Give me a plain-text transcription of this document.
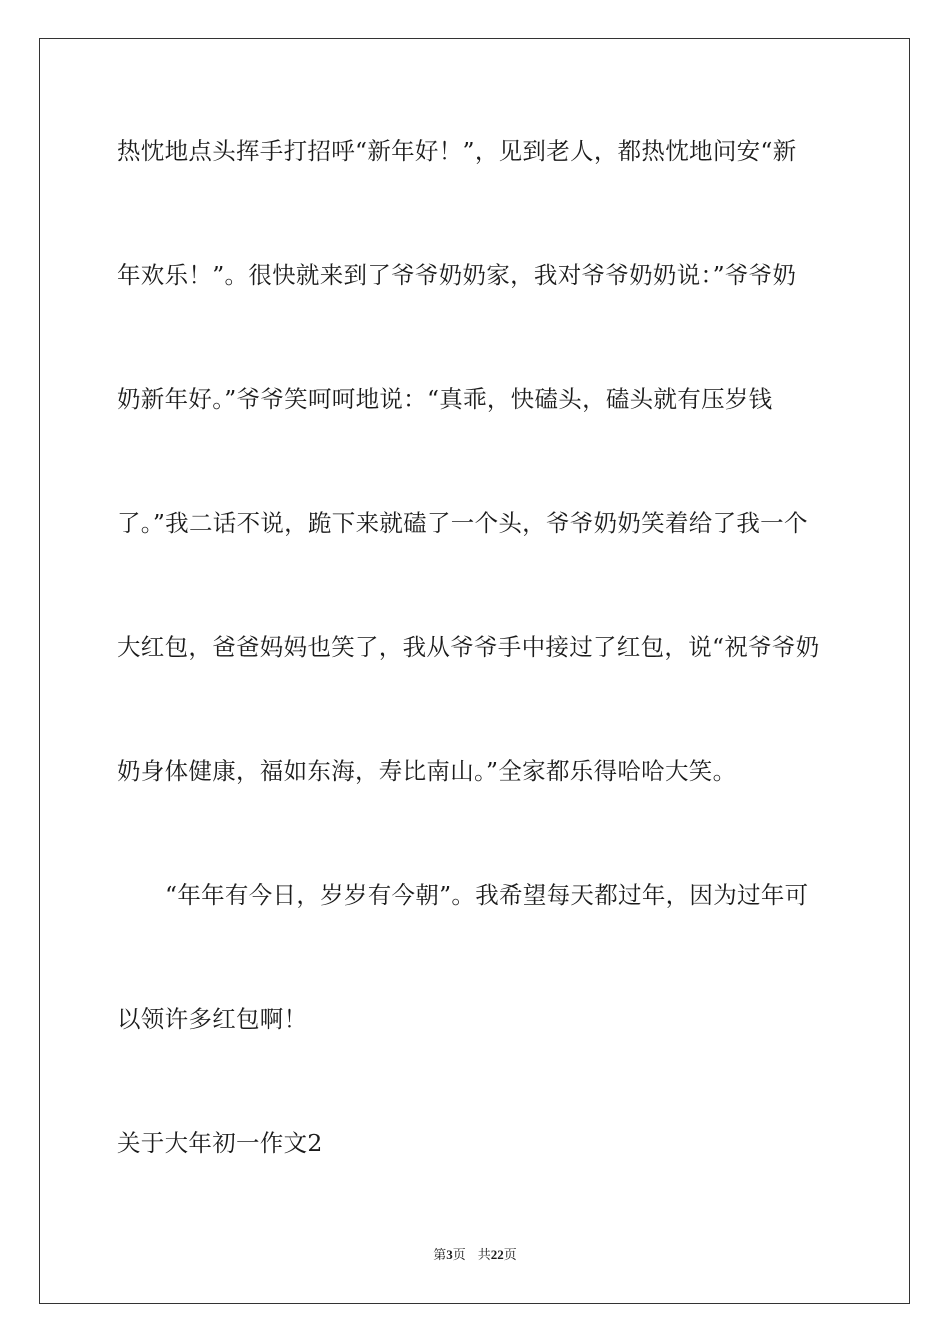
热忱地点头挥手打招呼“新年好！”，见到老人，都热忱地问安“新
年欢乐！”。很快就来到了爷爷奶奶家，我对爷爷奶奶说：”爷爷奶
奶新年好。”爷爷笑呵呵地说：“真乖，快磕头，磕头就有压岁钱
了。”我二话不说，跪下来就磕了一个头，爷爷奶奶笑着给了我一个
大红包，爸爸妈妈也笑了，我从爷爷手中接过了红包，说“祝爷爷奶
奶身体健康，福如东海，寿比南山。”全家都乐得哈哈大笑。
“年年有今日，岁岁有今朝”。我希望每天都过年，因为过年可
以领许多红包啊！
关于大年初一作文2
第3页 共22页
